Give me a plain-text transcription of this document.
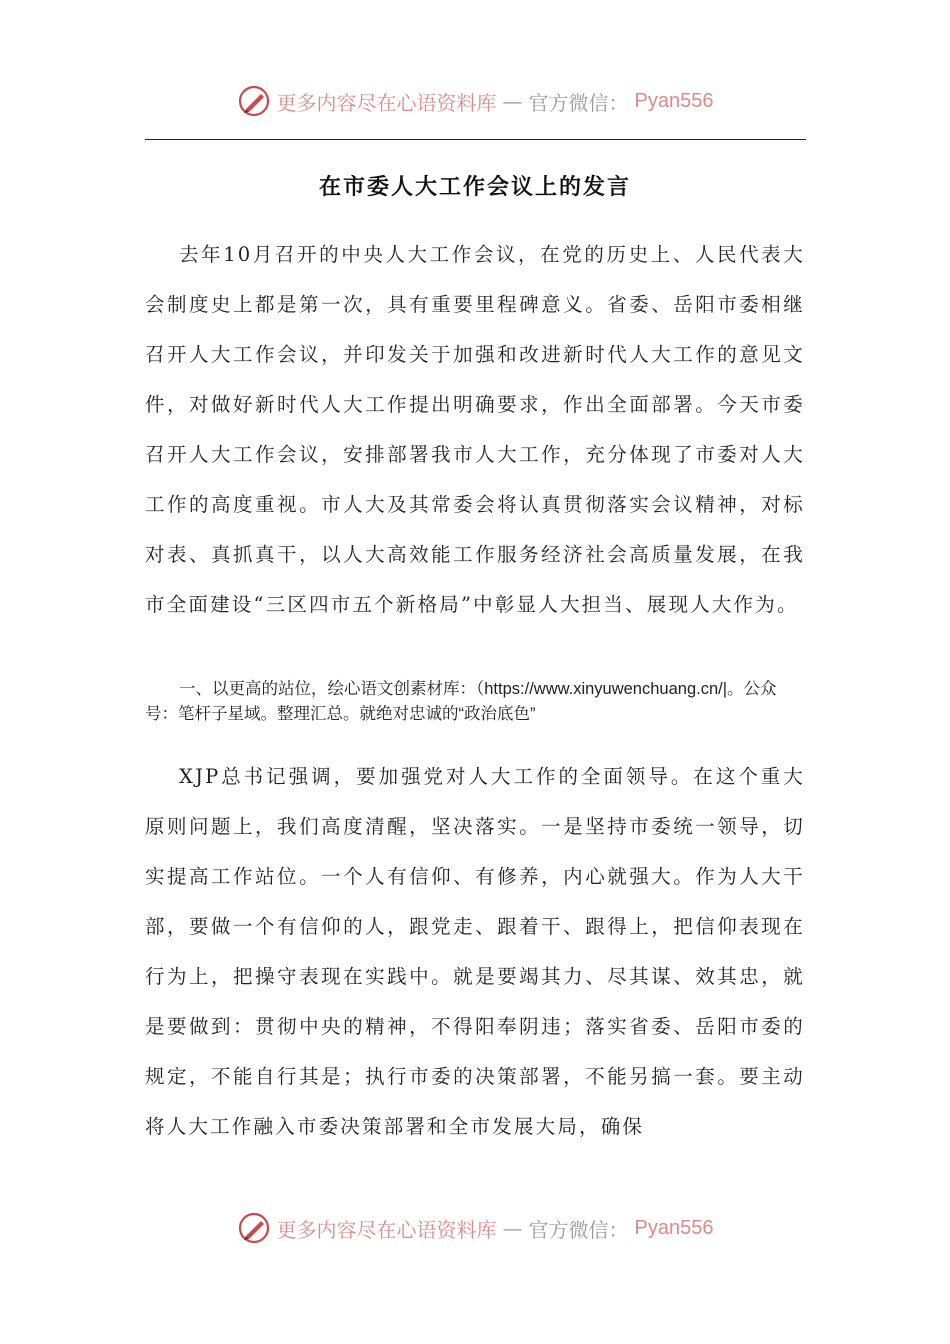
更多内容尽在心语资料库 — 官方微信： Pyan556
在市委人大工作会议上的发言
去年10月召开的中央人大工作会议，在党的历史上、人民代表大会制度史上都是第一次，具有重要里程碑意义。省委、岳阳市委相继召开人大工作会议，并印发关于加强和改进新时代人大工作的意见文件，对做好新时代人大工作提出明确要求，作出全面部署。今天市委召开人大工作会议，安排部署我市人大工作，充分体现了市委对人大工作的高度重视。市人大及其常委会将认真贯彻落实会议精神，对标对表、真抓真干，以人大高效能工作服务经济社会高质量发展，在我市全面建设“三区四市五个新格局”中彰显人大担当、展现人大作为。
一、以更高的站位，绘心语文创素材库：（https://www.xinyuwenchuang.cn/|。公众号：笔杆子星域。整理汇总。就绝对忠诚的“政治底色”
XJP总书记强调，要加强党对人大工作的全面领导。在这个重大原则问题上，我们高度清醒，坚决落实。一是坚持市委统一领导，切实提高工作站位。一个人有信仰、有修养，内心就强大。作为人大干部，要做一个有信仰的人，跟党走、跟着干、跟得上，把信仰表现在行为上，把操守表现在实践中。就是要竭其力、尽其谋、效其忠，就是要做到：贯彻中央的精神，不得阳奉阴违；落实省委、岳阳市委的规定，不能自行其是；执行市委的决策部署，不能另搞一套。要主动将人大工作融入市委决策部署和全市发展大局，确保
更多内容尽在心语资料库 — 官方微信： Pyan556
